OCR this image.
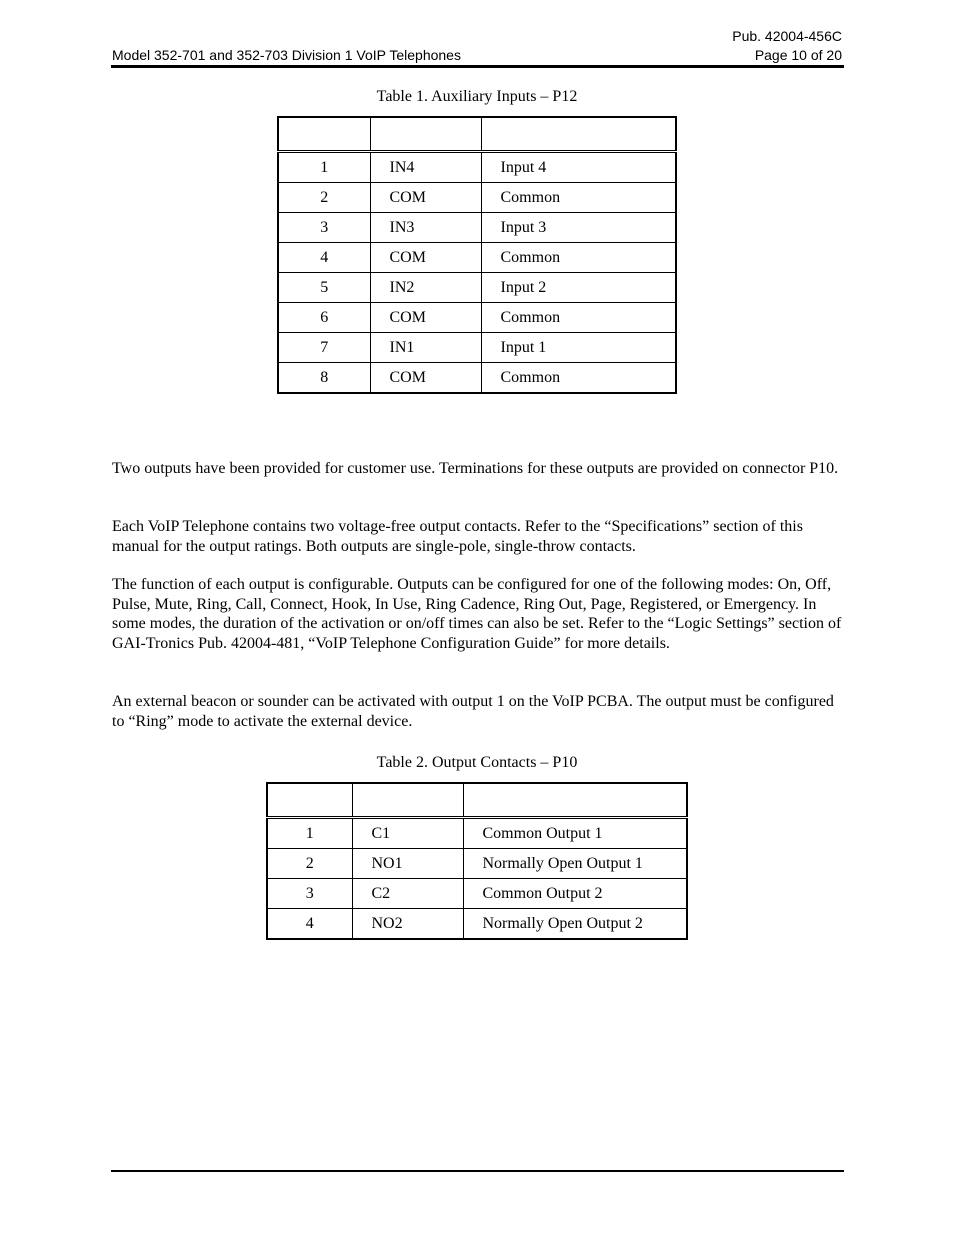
Pub. 42004-456C
Model 352-701 and 352-703 Division 1 VoIP Telephones	Page 10 of 20
Table 1. Auxiliary Inputs – P12

1	IN4	Input 4
2	COM	Common
3	IN3	Input 3
4	COM	Common
5	IN2	Input 2
6	COM	Common
7	IN1	Input 1
8	COM	Common

Two outputs have been provided for customer use. Terminations for these outputs are provided on connector P10.

Each VoIP Telephone contains two voltage-free output contacts. Refer to the “Specifications” section of this manual for the output ratings. Both outputs are single-pole, single-throw contacts.

The function of each output is configurable. Outputs can be configured for one of the following modes: On, Off, Pulse, Mute, Ring, Call, Connect, Hook, In Use, Ring Cadence, Ring Out, Page, Registered, or Emergency. In some modes, the duration of the activation or on/off times can also be set. Refer to the “Logic Settings” section of GAI-Tronics Pub. 42004-481, “VoIP Telephone Configuration Guide” for more details.

An external beacon or sounder can be activated with output 1 on the VoIP PCBA. The output must be configured to “Ring” mode to activate the external device.

Table 2. Output Contacts – P10

1	C1	Common Output 1
2	NO1	Normally Open Output 1
3	C2	Common Output 2
4	NO2	Normally Open Output 2
